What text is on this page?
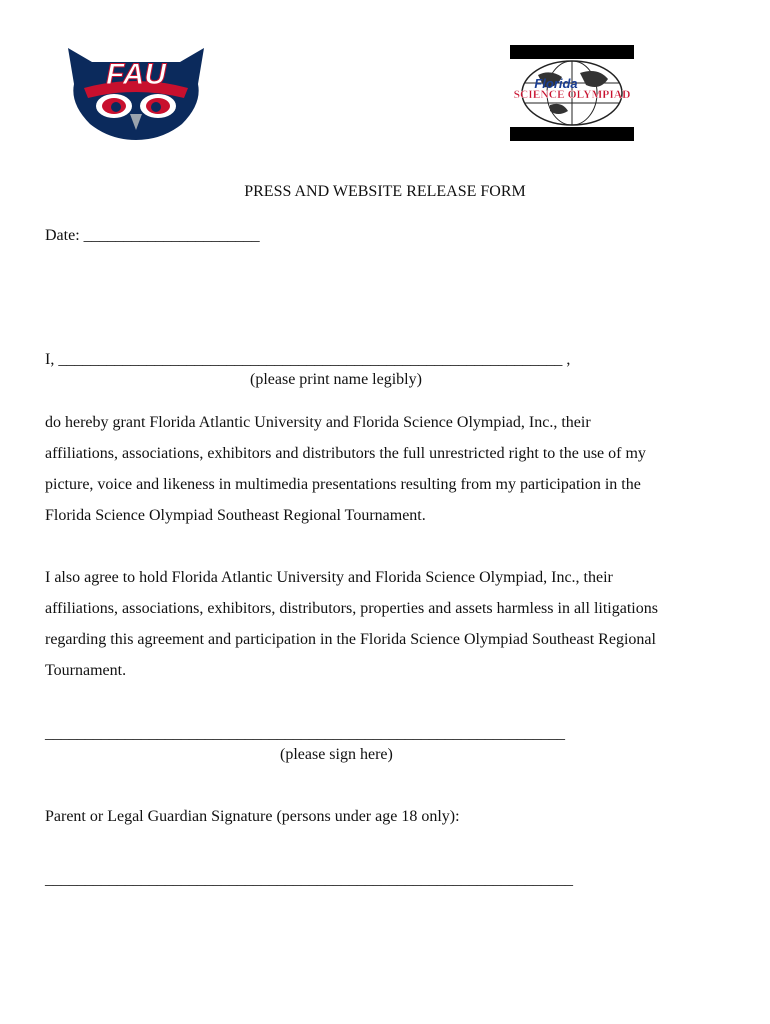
FAU	Florida
SCIENCE OLYMPIAD
PRESS AND WEBSITE RELEASE FORM
Date: ______________________
I, _______________________________________________________________ ,
(please print name legibly)
do hereby grant Florida Atlantic University and Florida Science Olympiad, Inc., their
affiliations, associations, exhibitors and distributors the full unrestricted right to the use of my
picture, voice and likeness in multimedia presentations resulting from my participation in the
Florida Science Olympiad Southeast Regional Tournament.
I also agree to hold Florida Atlantic University and Florida Science Olympiad, Inc., their
affiliations, associations, exhibitors, distributors, properties and assets harmless in all litigations
regarding this agreement and participation in the Florida Science Olympiad Southeast Regional
Tournament.
_________________________________________________________________
(please sign here)
Parent or Legal Guardian Signature (persons under age 18 only):
__________________________________________________________________
